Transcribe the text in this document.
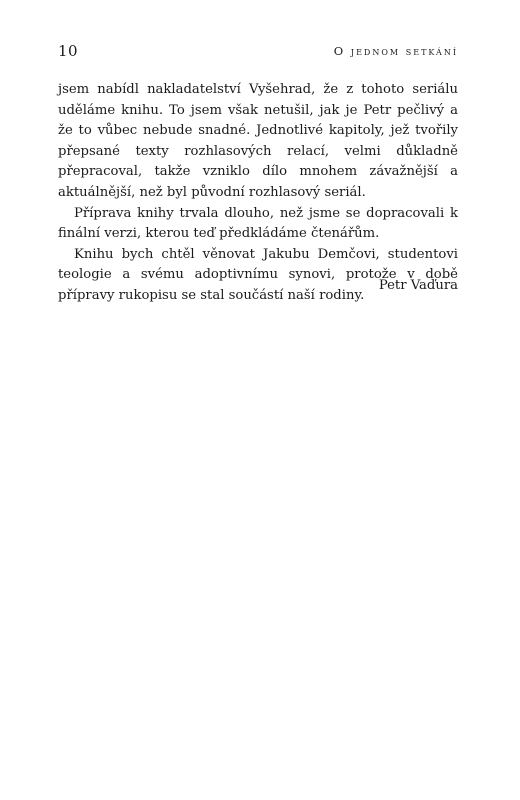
10	O jednom setkání

jsem nabídl nakladatelství Vyšehrad, že z tohoto seriálu uděláme knihu. To jsem však netušil, jak je Petr pečlivý a že to vůbec nebude snadné. Jednotlivé kapitoly, jež tvořily přepsané texty rozhlasových relací, velmi důkladně přepracoval, takže vzniklo dílo mnohem závažnější a aktuálnější, než byl původní rozhlasový seriál.

Příprava knihy trvala dlouho, než jsme se dopracovali k finální verzi, kterou teď předkládáme čtenářům.

Knihu bych chtěl věnovat Jakubu Demčovi, studentovi teologie a svému adoptivnímu synovi, protože v době přípravy rukopisu se stal součástí naší rodiny.

Petr Vaďura
